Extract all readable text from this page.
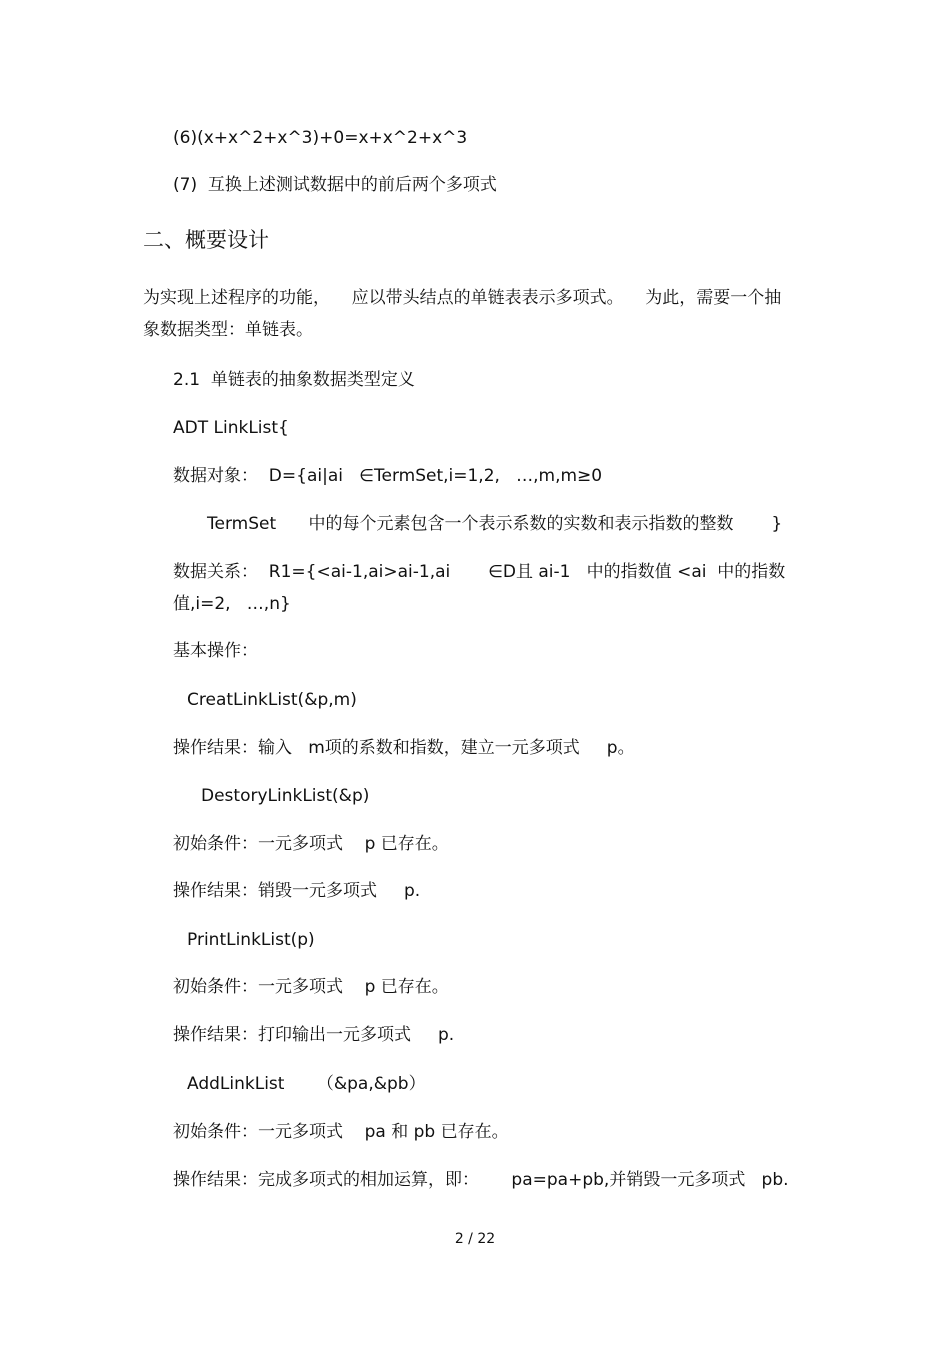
(6)(x+x^2+x^3)+0=x+x^2+x^3

(7)  互换上述测试数据中的前后两个多项式

二、概要设计

为实现上述程序的功能，    应以带头结点的单链表表示多项式。    为此，需要一个抽

象数据类型：单链表。

2.1  单链表的抽象数据类型定义

ADT LinkList{

数据对象：  D={ai|ai   ∈TermSet,i=1,2,   …,m,m≥0

TermSet      中的每个元素包含一个表示系数的实数和表示指数的整数       }

数据关系：  R1={<ai-1,ai>ai-1,ai       ∈D且 ai-1   中的指数值 <ai  中的指数

值,i=2,   …,n}

基本操作：

CreatLinkList(&p,m)

操作结果：输入   m项的系数和指数，建立一元多项式     p。

DestoryLinkList(&p)

初始条件：一元多项式    p 已存在。

操作结果：销毁一元多项式     p.

PrintLinkList(p)

初始条件：一元多项式    p 已存在。

操作结果：打印输出一元多项式     p.

AddLinkList      （&pa,&pb）

初始条件：一元多项式    pa 和 pb 已存在。

操作结果：完成多项式的相加运算，即：      pa=pa+pb,并销毁一元多项式   pb.

2 / 22
